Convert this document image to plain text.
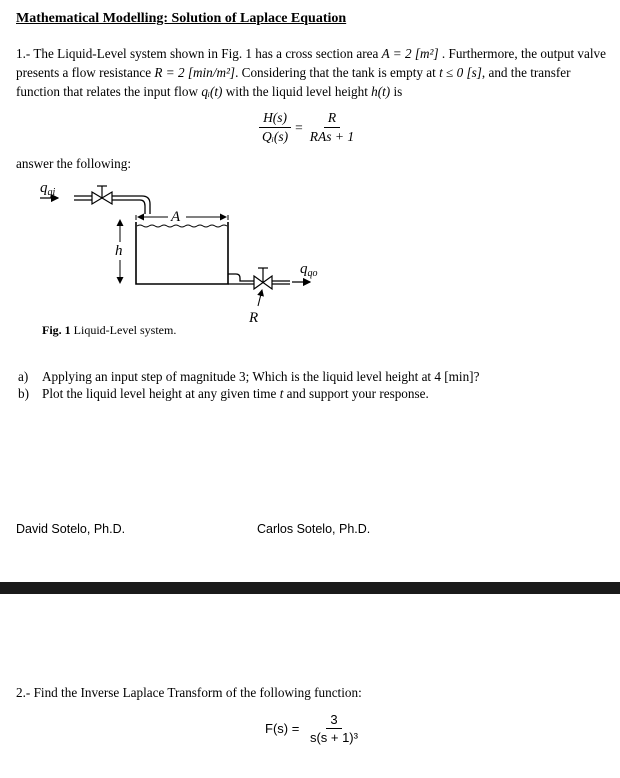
Mathematical Modelling: Solution of Laplace Equation
1.- The Liquid-Level system shown in Fig. 1 has a cross section area A = 2 [m²] . Furthermore, the output valve presents a flow resistance R = 2 [min/m²]. Considering that the tank is empty at t ≤ 0 [s], and the transfer function that relates the input flow qᵢ(t) with the liquid level height h(t) is
$\frac{H(s)}{\text{Qᵢ(s)}} = \frac{R}{\text{RAs + 1}}$
answer the following:
$q_{qi}$
A
h
$q_{qo}$
R
Fig. 1 Liquid-Level system.
a) Applying an input step of magnitude 3; Which is the liquid level height at 4 [min]?
b) Plot the liquid level height at any given time t and support your response.
David Sotelo, Ph.D.	Carlos Sotelo, Ph.D.
2.- Find the Inverse Laplace Transform of the following function:
$F(s) = \frac{3}{\text{s(s + 1)³}}$
